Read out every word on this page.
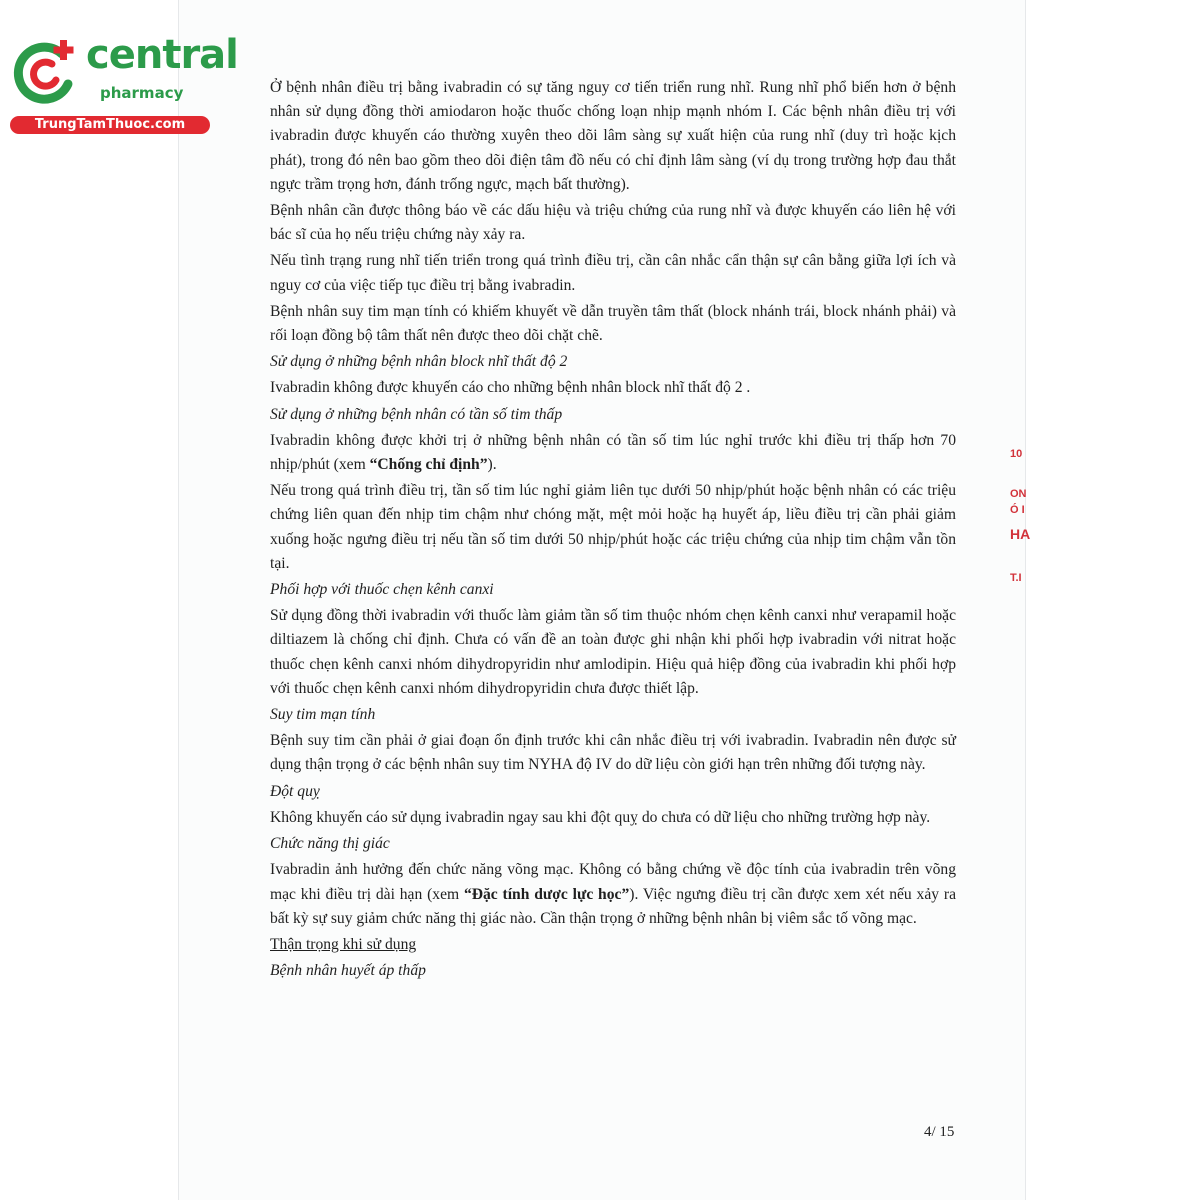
central
pharmacy
TrungTamThuoc.com

Ở bệnh nhân điều trị bằng ivabradin có sự tăng nguy cơ tiến triển rung nhĩ. Rung nhĩ phổ biến hơn ở bệnh nhân sử dụng đồng thời amiodaron hoặc thuốc chống loạn nhịp mạnh nhóm I. Các bệnh nhân điều trị với ivabradin được khuyến cáo thường xuyên theo dõi lâm sàng sự xuất hiện của rung nhĩ (duy trì hoặc kịch phát), trong đó nên bao gồm theo dõi điện tâm đồ nếu có chỉ định lâm sàng (ví dụ trong trường hợp đau thắt ngực trầm trọng hơn, đánh trống ngực, mạch bất thường).

Bệnh nhân cần được thông báo về các dấu hiệu và triệu chứng của rung nhĩ và được khuyến cáo liên hệ với bác sĩ của họ nếu triệu chứng này xảy ra.

Nếu tình trạng rung nhĩ tiến triển trong quá trình điều trị, cần cân nhắc cẩn thận sự cân bằng giữa lợi ích và nguy cơ của việc tiếp tục điều trị bằng ivabradin.

Bệnh nhân suy tim mạn tính có khiếm khuyết về dẫn truyền tâm thất (block nhánh trái, block nhánh phải) và rối loạn đồng bộ tâm thất nên được theo dõi chặt chẽ.

Sử dụng ở những bệnh nhân block nhĩ thất độ 2

Ivabradin không được khuyến cáo cho những bệnh nhân block nhĩ thất độ 2 .

Sử dụng ở những bệnh nhân có tần số tim thấp

Ivabradin không được khởi trị ở những bệnh nhân có tần số tim lúc nghỉ trước khi điều trị thấp hơn 70 nhịp/phút (xem “Chống chỉ định”).

Nếu trong quá trình điều trị, tần số tim lúc nghỉ giảm liên tục dưới 50 nhịp/phút hoặc bệnh nhân có các triệu chứng liên quan đến nhịp tim chậm như chóng mặt, mệt mỏi hoặc hạ huyết áp, liều điều trị cần phải giảm xuống hoặc ngưng điều trị nếu tần số tim dưới 50 nhịp/phút hoặc các triệu chứng của nhịp tim chậm vẫn tồn tại.

Phối hợp với thuốc chẹn kênh canxi

Sử dụng đồng thời ivabradin với thuốc làm giảm tần số tim thuộc nhóm chẹn kênh canxi như verapamil hoặc diltiazem là chống chỉ định. Chưa có vấn đề an toàn được ghi nhận khi phối hợp ivabradin với nitrat hoặc thuốc chẹn kênh canxi nhóm dihydropyridin như amlodipin. Hiệu quả hiệp đồng của ivabradin khi phối hợp với thuốc chẹn kênh canxi nhóm dihydropyridin chưa được thiết lập.

Suy tim mạn tính

Bệnh suy tim cần phải ở giai đoạn ổn định trước khi cân nhắc điều trị với ivabradin. Ivabradin nên được sử dụng thận trọng ở các bệnh nhân suy tim NYHA độ IV do dữ liệu còn giới hạn trên những đối tượng này.

Đột quỵ

Không khuyến cáo sử dụng ivabradin ngay sau khi đột quỵ do chưa có dữ liệu cho những trường hợp này.

Chức năng thị giác

Ivabradin ảnh hưởng đến chức năng võng mạc. Không có bằng chứng về độc tính của ivabradin trên võng mạc khi điều trị dài hạn (xem “Đặc tính dược lực học”). Việc ngưng điều trị cần được xem xét nếu xảy ra bất kỳ sự suy giảm chức năng thị giác nào. Cần thận trọng ở những bệnh nhân bị viêm sắc tố võng mạc.

Thận trọng khi sử dụng

Bệnh nhân huyết áp thấp

4/ 15
10
ON
Ó I
HA
T.I
